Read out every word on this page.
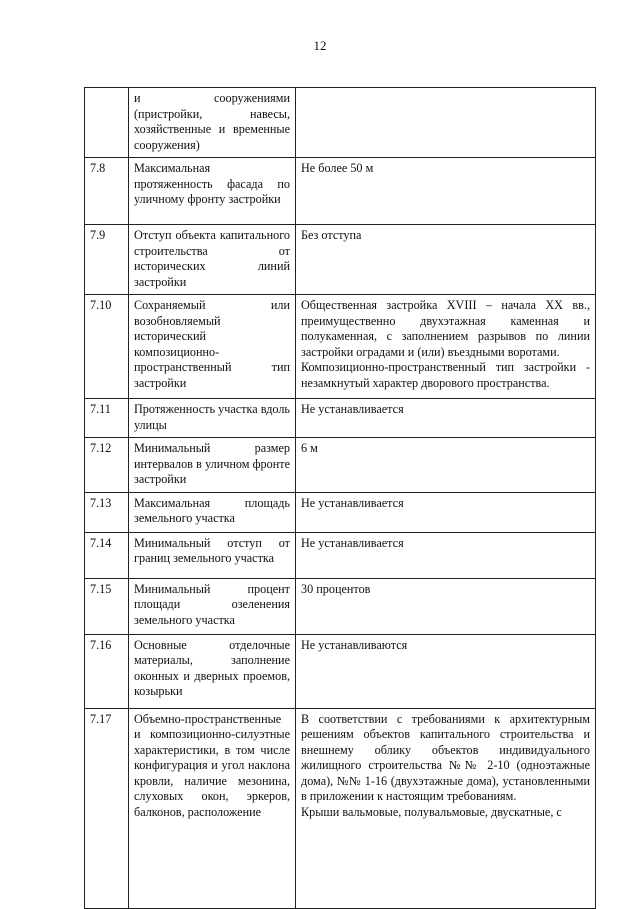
12
	и сооружениями (пристройки, навесы, хозяйственные и временные сооружения)	
7.8	Максимальная протяженность фасада по уличному фронту застройки	Не более 50 м
7.9	Отступ объекта капитального строительства от исторических линий застройки	Без отступа
7.10	Сохраняемый или возобновляемый исторический композиционно-пространственный тип застройки	Общественная застройка XVIII – начала XX вв., преимущественно двухэтажная каменная и полукаменная, с заполнением разрывов по линии застройки оградами и (или) въездными воротами.

Композиционно-пространственный тип застройки - незамкнутый характер дворового пространства.

7.11	Протяженность участка вдоль улицы	Не устанавливается
7.12	Минимальный размер интервалов в уличном фронте застройки	6 м
7.13	Максимальная площадь земельного участка	Не устанавливается
7.14	Минимальный отступ от границ земельного участка	Не устанавливается
7.15	Минимальный процент площади озеленения земельного участка	30 процентов
7.16	Основные отделочные материалы, заполнение оконных и дверных проемов, козырьки	Не устанавливаются
7.17	Объемно-пространственные и композиционно-силуэтные характеристики, в том числе конфигурация и угол наклона кровли, наличие мезонина, слуховых окон, эркеров, балконов, расположение	В соответствии с требованиями к архитектурным решениям объектов капитального строительства и внешнему облику объектов индивидуального жилищного строительства №№ 2-10 (одноэтажные дома), №№ 1-16 (двухэтажные дома), установленными в приложении к настоящим требованиям.

Крыши вальмовые, полувальмовые, двускатные, с
